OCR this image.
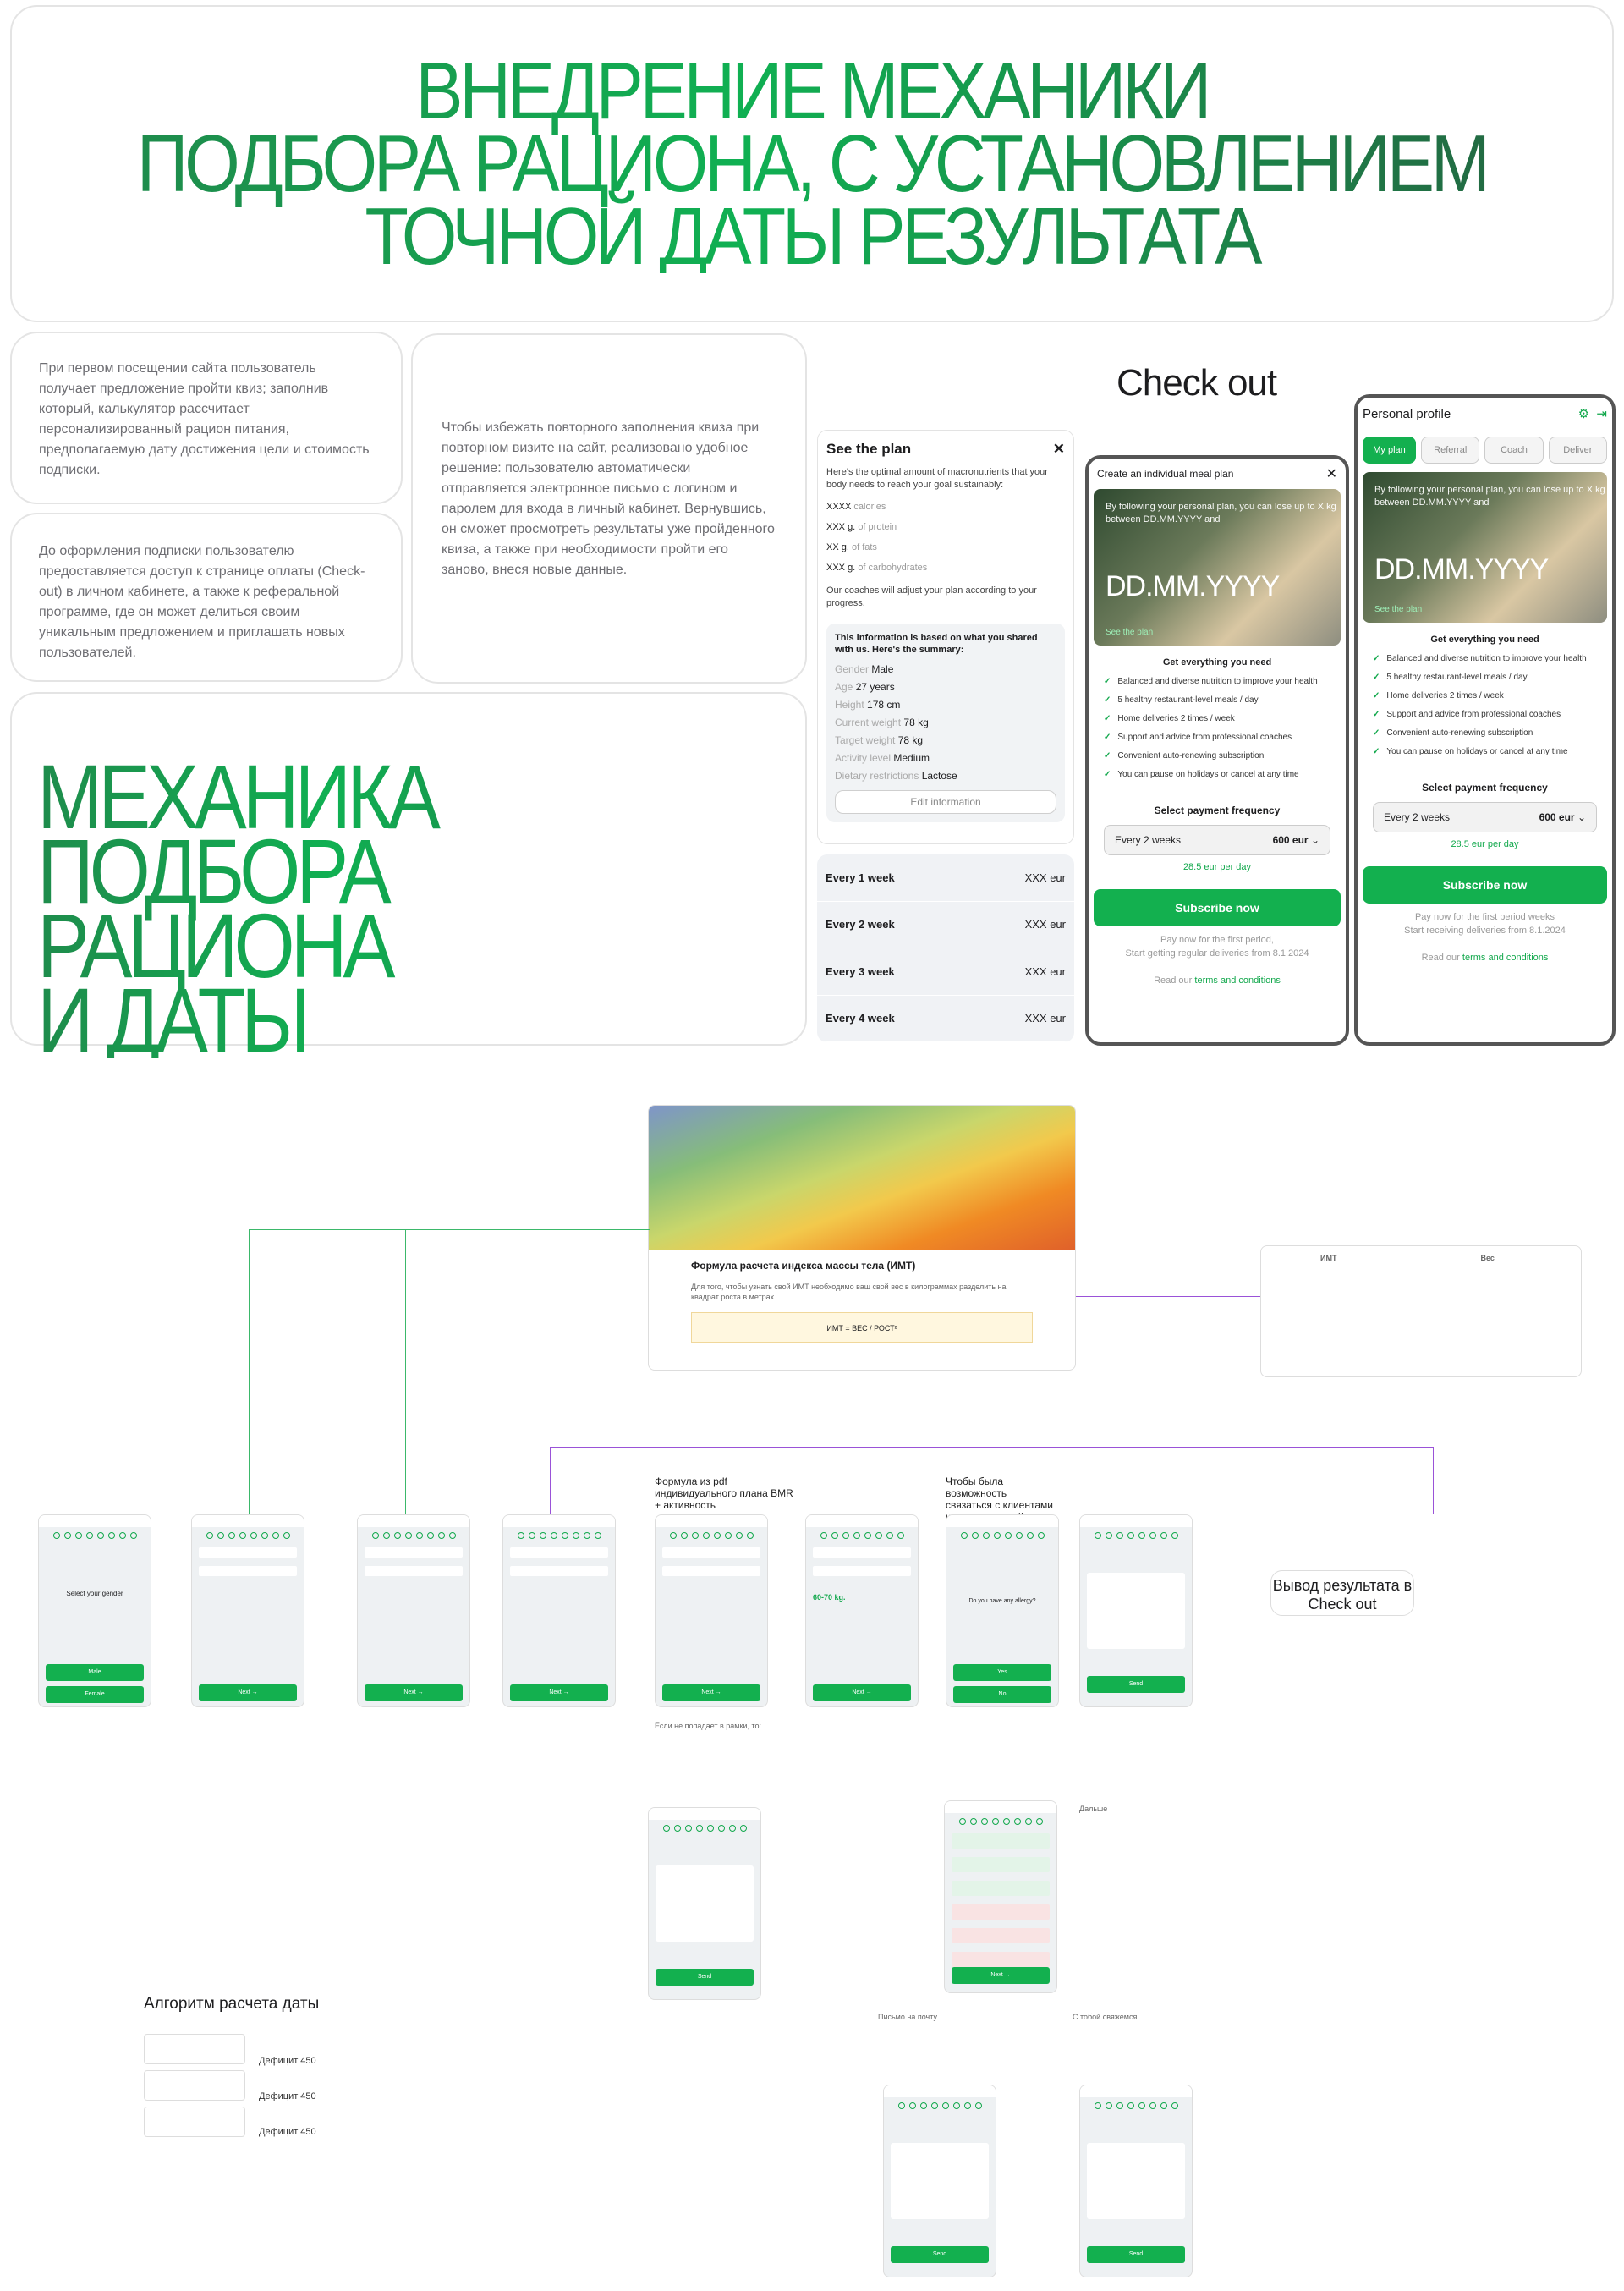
ВНЕДРЕНИЕ МЕХАНИКИ
ПОДБОРА РАЦИОНА, С УСТАНОВЛЕНИЕМ
ТОЧНОЙ ДАТЫ РЕЗУЛЬТАТА

При первом посещении сайта пользователь получает предложение пройти квиз; заполнив который, калькулятор рассчитает персонализированный рацион питания, предполагаемую дату достижения цели и стоимость подписки.

До оформления подписки пользователю предоставляется доступ к странице оплаты (Check-out) в личном кабинете, а также к реферальной программе, где он может делиться своим уникальным предложением и приглашать новых пользователей.

Чтобы избежать повторного заполнения квиза при повторном визите на сайт, реализовано удобное решение: пользователю автоматически отправляется электронное письмо с логином и паролем для входа в личный кабинет. Вернувшись, он сможет просмотреть результаты уже пройденного квиза, а также при необходимости пройти его заново, внеся новые данные.

МЕХАНИКА
ПОДБОРА РАЦИОНА
И ДАТЫ
Check out
See the plan	✕

Here's the optimal amount of macronutrients that your body needs to reach your goal sustainably:

XXXX calories
XXX g. of protein
XX g. of fats
XXX g. of carbohydrates

Our coaches will adjust your plan according to your progress.

This information is based on what you shared with us. Here's the summary:
Gender Male
Age 27 years
Height 178 cm
Current weight 78 kg
Target weight 78 kg
Activity level Medium
Dietary restrictions Lactose
Edit information
Every 1 week	XXX eur
Every 2 week	XXX eur
Every 3 week	XXX eur
Every 4 week	XXX eur
Create an individual meal plan	✕
By following your personal plan, you can lose up to X kg between DD.MM.YYYY and
DD.MM.YYYY
See the plan
Get everything you need
✓ Balanced and diverse nutrition to improve your health
✓ 5 healthy restaurant-level meals / day
✓ Home deliveries 2 times / week
✓ Support and advice from professional coaches
✓ Convenient auto-renewing subscription
✓ You can pause on holidays or cancel at any time
Select payment frequency
Every 2 weeks	600 eur ⌄
28.5 eur per day
Subscribe now
Pay now for the first period,
Start getting regular deliveries from 8.1.2024
Read our terms and conditions
Personal profile	⚙ ⇥
My plan	Referral	Coach	Deliver
By following your personal plan, you can lose up to X kg between DD.MM.YYYY and
DD.MM.YYYY
See the plan
Get everything you need
✓ Balanced and diverse nutrition to improve your health
✓ 5 healthy restaurant-level meals / day
✓ Home deliveries 2 times / week
✓ Support and advice from professional coaches
✓ Convenient auto-renewing subscription
✓ You can pause on holidays or cancel at any time
Select payment frequency
Every 2 weeks	600 eur ⌄
28.5 eur per day
Subscribe now
Pay now for the first period weeks
Start receiving deliveries from 8.1.2024
Read our terms and conditions
Формула расчета индекса массы тела (ИМТ)
Для того, чтобы узнать свой ИМТ необходимо ваш свой вес в килограммах разделить на квадрат роста в метрах.
ИМТ = ВЕС / РОСТ²
ИМТ	Вес
Формула из pdf индивидуального плана BMR + активность
Чтобы была возможность связаться с клиентами
Select your gender
Male
Female	Next →	Next →	Next →	Next →
60-70 kg.
Next →
Do you have any allergy?
Yes
No
Send
Send	Next →
Send	Send
Если не попадает в рамки, то:
Письмо на почту	С тобой свяжемся
Дальше
Вывод результата в Check out
Алгоритм расчета даты
Дефицит 450
Дефицит 450
Дефицит 450
